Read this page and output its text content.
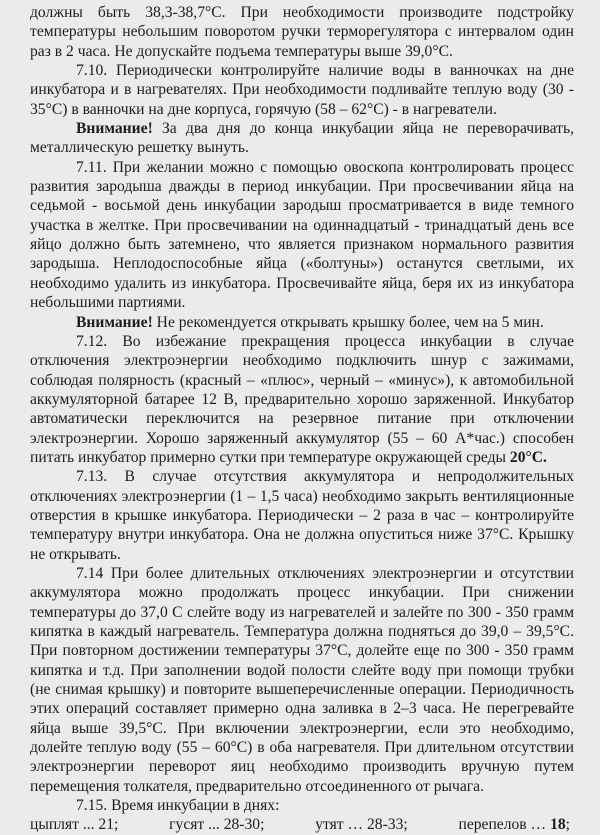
должны быть 38,3-38,7°С. При необходимости производите подстройку температуры небольшим поворотом ручки терморегулятора с интервалом один раз в 2 часа. Не допускайте подъема температуры выше 39,0°С.

7.10. Периодически контролируйте наличие воды в ванночках на дне инкубатора и в нагревателях. При необходимости подливайте теплую воду (30 - 35°С) в ванночки на дне корпуса, горячую (58 – 62°С) - в нагреватели.

Внимание! За два дня до конца инкубации яйца не переворачивать, металлическую решетку вынуть.

7.11. При желании можно с помощью овоскопа контролировать процесс развития зародыша дважды в период инкубации. При просвечивании яйца на седьмой - восьмой день инкубации зародыш просматривается в виде темного участка в желтке. При просвечивании на одиннадцатый - тринадцатый день все яйцо должно быть затемнено, что является признаком нормального развития зародыша. Неплодоспособные яйца («болтуны») останутся светлыми, их необходимо удалить из инкубатора. Просвечивайте яйца, беря их из инкубатора небольшими партиями.

Внимание! Не рекомендуется открывать крышку более, чем на 5 мин.

7.12. Во избежание прекращения процесса инкубации в случае отключения электроэнергии необходимо подключить шнур с зажимами, соблюдая полярность (красный – «плюс», черный – «минус»), к автомобильной аккумуляторной батарее 12 В, предварительно хорошо заряженной. Инкубатор автоматически переключится на резервное питание при отключении электроэнергии. Хорошо заряженный аккумулятор (55 – 60 А*час.) способен питать инкубатор примерно сутки при температуре окружающей среды 20°С.

7.13. В случае отсутствия аккумулятора и непродолжительных отключениях электроэнергии (1 – 1,5 часа) необходимо закрыть вентиляционные отверстия в крышке инкубатора. Периодически – 2 раза в час – контролируйте температуру внутри инкубатора. Она не должна опуститься ниже 37°С. Крышку не открывать.

7.14 При более длительных отключениях электроэнергии и отсутствии аккумулятора можно продолжать процесс инкубации. При снижении температуры до 37,0 С слейте воду из нагревателей и залейте по 300 - 350 грамм кипятка в каждый нагреватель. Температура должна подняться до 39,0 – 39,5°С. При повторном достижении температуры 37°С, долейте еще по 300 - 350 грамм кипятка и т.д. При заполнении водой полости слейте воду при помощи трубки (не снимая крышку) и повторите вышеперечисленные операции. Периодичность этих операций составляет примерно одна заливка в 2–3 часа. Не перегревайте яйца выше 39,5°С. При включении электроэнергии, если это необходимо, долейте теплую воду (55 – 60°С) в оба нагревателя. При длительном отсутствии электроэнергии переворот яиц необходимо производить вручную путем перемещения толкателя, предварительно отсоединенного от рычага.

7.15. Время инкубации в днях:

цыплят ... 21;	гусят ... 28-30;	утят … 28-33;	перепелов … 18;
